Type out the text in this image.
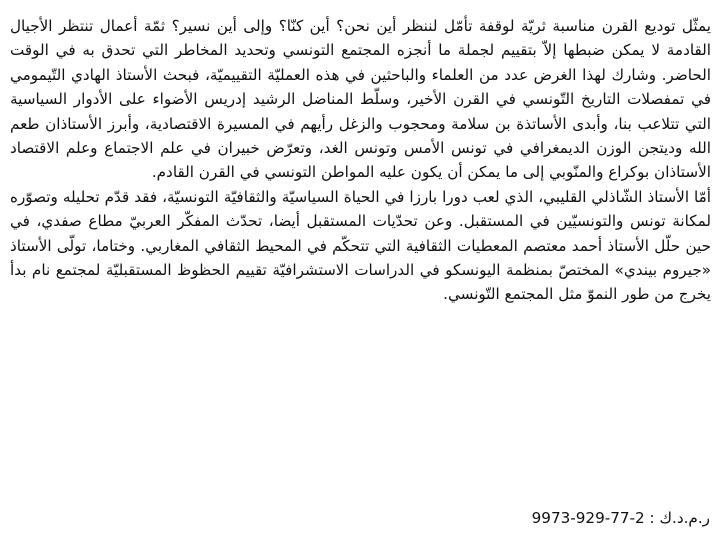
يمثّل توديع القرن مناسبة ثريّة لوقفة تأمّل لننظر أين نحن؟ أين كنّا؟ وإلى أين نسير؟ ثمّة أعمال تنتظر الأجيال القادمة لا يمكن ضبطها إلاّ بتقييم لجملة ما أنجزه المجتمع التونسي وتحديد المخاطر التي تحدق به في الوقت الحاضر. وشارك لهذا الغرض عدد من العلماء والباحثين في هذه العمليّة التقييميّة، فبحث الأستاذ الهادي التّيمومي في تمفصلات التاريخ التّونسي في القرن الأخير، وسلّط المناضل الرشيد إدريس الأضواء على الأدوار السياسية التي تتلاعب بنا، وأبدى الأساتذة بن سلامة ومحجوب والزغل رأيهم في المسيرة الاقتصادية، وأبرز الأستاذان طعم الله وديتجن الوزن الديمغرافي في تونس الأمس وتونس الغد، وتعرّض خبيران في علم الاجتماع وعلم الاقتصاد الأستاذان بوكراع والمنّوبي إلى ما يمكن أن يكون عليه المواطن التونسي في القرن القادم.

أمّا الأستاذ الشّاذلي القليبي، الذي لعب دورا بارزا في الحياة السياسيّة والثقافيّة التونسيّة، فقد قدّم تحليله وتصوّره لمكانة تونس والتونسيّين في المستقبل. وعن تحدّيات المستقبل أيضا، تحدّث المفكّر العربيّ مطاع صفدي، في حين حلّل الأستاذ أحمد معتصم المعطيات الثقافية التي تتحكّم في المحيط الثقافي المغاربي. وختاما، تولّى الأستاذ «جيروم بيندي» المختصّ بمنظمة اليونسكو في الدراسات الاستشرافيّة تقييم الحظوظ المستقبليّة لمجتمع نام بدأ يخرج من طور النموّ مثل المجتمع التّونسي.

ر.م.د.ك : 9973-929-77-2
